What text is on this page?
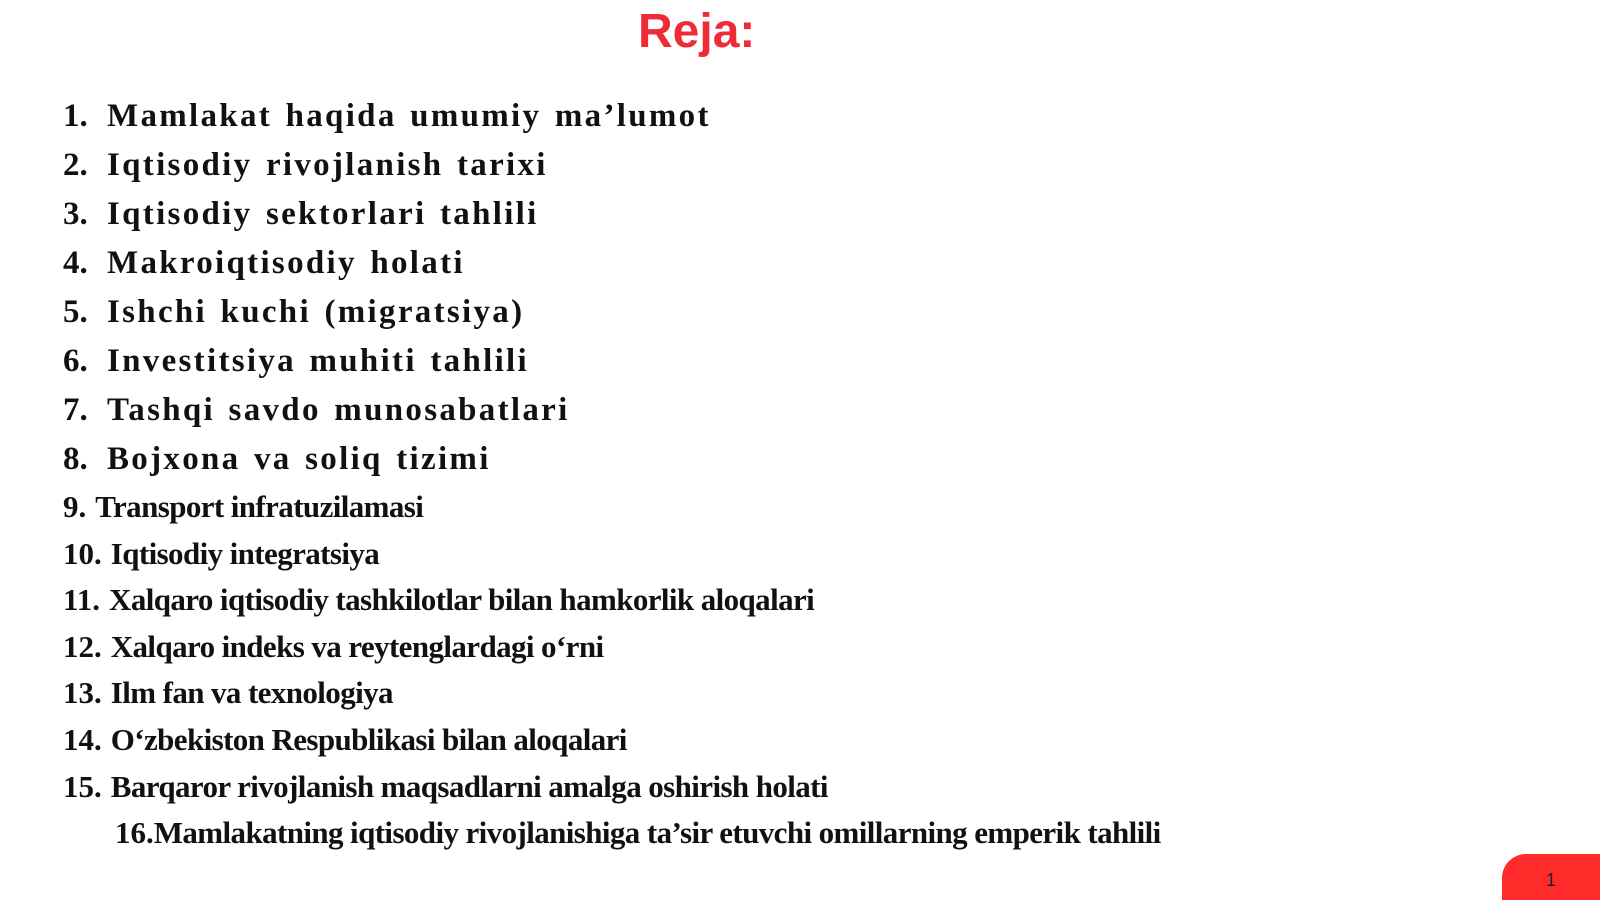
Reja:
1. Mamlakat haqida umumiy ma’lumot
2. Iqtisodiy rivojlanish tarixi
3. Iqtisodiy sektorlari tahlili
4. Makroiqtisodiy holati
5. Ishchi kuchi (migratsiya)
6. Investitsiya muhiti tahlili
7. Tashqi savdo munosabatlari
8. Bojxona va soliq tizimi
9. Transport infratuzilamasi
10. Iqtisodiy integratsiya
11. Xalqaro iqtisodiy tashkilotlar bilan hamkorlik aloqalari
12. Xalqaro indeks va reytenglardagi o‘rni
13. Ilm fan va texnologiya
14. O‘zbekiston Respublikasi bilan aloqalari
15. Barqaror rivojlanish maqsadlarni amalga oshirish holati
16.Mamlakatning iqtisodiy rivojlanishiga ta’sir etuvchi omillarning emperik tahlili
1
